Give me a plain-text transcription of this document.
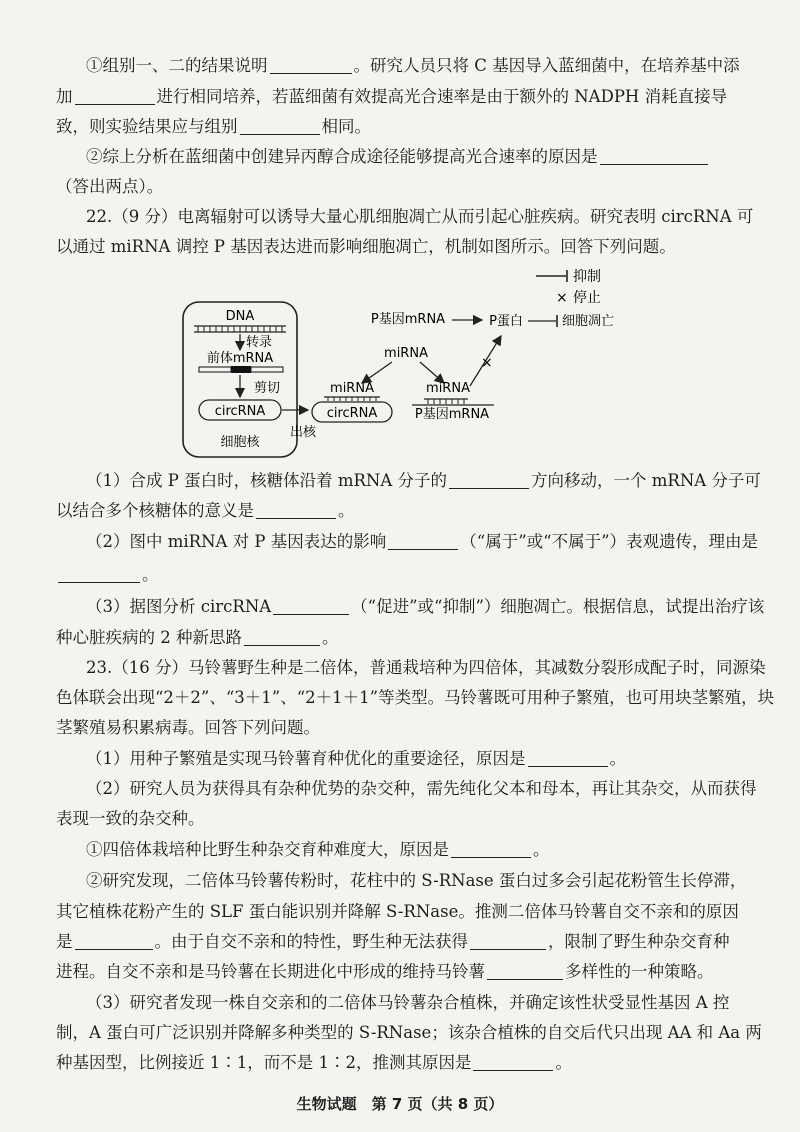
①组别一、二的结果说明	。研究人员只将 C 基因导入蓝细菌中，在培养基中添
加	进行相同培养，若蓝细菌有效提高光合速率是由于额外的 NADPH 消耗直接导
致，则实验结果应与组别	相同。
②综上分析在蓝细菌中创建异丙醇合成途径能够提高光合速率的原因是
（答出两点）。
22.（9 分）电离辐射可以诱导大量心肌细胞凋亡从而引起心脏疾病。研究表明 circRNA 可
以通过 miRNA 调控 P 基因表达进而影响细胞凋亡，机制如图所示。回答下列问题。
抑制
× 停止
DNA
转录
前体mRNA
剪切
circRNA
细胞核
出核
miRNA
circRNA
miRNA
miRNA
P基因mRNA
×
P基因mRNA	P蛋白	细胞凋亡
（1）合成 P 蛋白时，核糖体沿着 mRNA 分子的	方向移动，一个 mRNA 分子可
以结合多个核糖体的意义是	。
（2）图中 miRNA 对 P 基因表达的影响	（“属于”或“不属于”）表观遗传，理由是
。
（3）据图分析 circRNA	（“促进”或“抑制”）细胞凋亡。根据信息，试提出治疗该
种心脏疾病的 2 种新思路	。
23.（16 分）马铃薯野生种是二倍体，普通栽培种为四倍体，其减数分裂形成配子时，同源染
色体联会出现“2＋2”、“3＋1”、“2＋1＋1”等类型。马铃薯既可用种子繁殖，也可用块茎繁殖，块
茎繁殖易积累病毒。回答下列问题。
（1）用种子繁殖是实现马铃薯育种优化的重要途径，原因是	。
（2）研究人员为获得具有杂种优势的杂交种，需先纯化父本和母本，再让其杂交，从而获得
表现一致的杂交种。
①四倍体栽培种比野生种杂交育种难度大，原因是	。
②研究发现，二倍体马铃薯传粉时，花柱中的 S-RNase 蛋白过多会引起花粉管生长停滞，
其它植株花粉产生的 SLF 蛋白能识别并降解 S-RNase。推测二倍体马铃薯自交不亲和的原因
是	。由于自交不亲和的特性，野生种无法获得	，限制了野生种杂交育种
进程。自交不亲和是马铃薯在长期进化中形成的维持马铃薯	多样性的一种策略。
（3）研究者发现一株自交亲和的二倍体马铃薯杂合植株，并确定该性状受显性基因 A 控
制，A 蛋白可广泛识别并降解多种类型的 S-RNase；该杂合植株的自交后代只出现 AA 和 Aa 两
种基因型，比例接近 1∶1，而不是 1∶2，推测其原因是	。
生物试题　第 7 页（共 8 页）
